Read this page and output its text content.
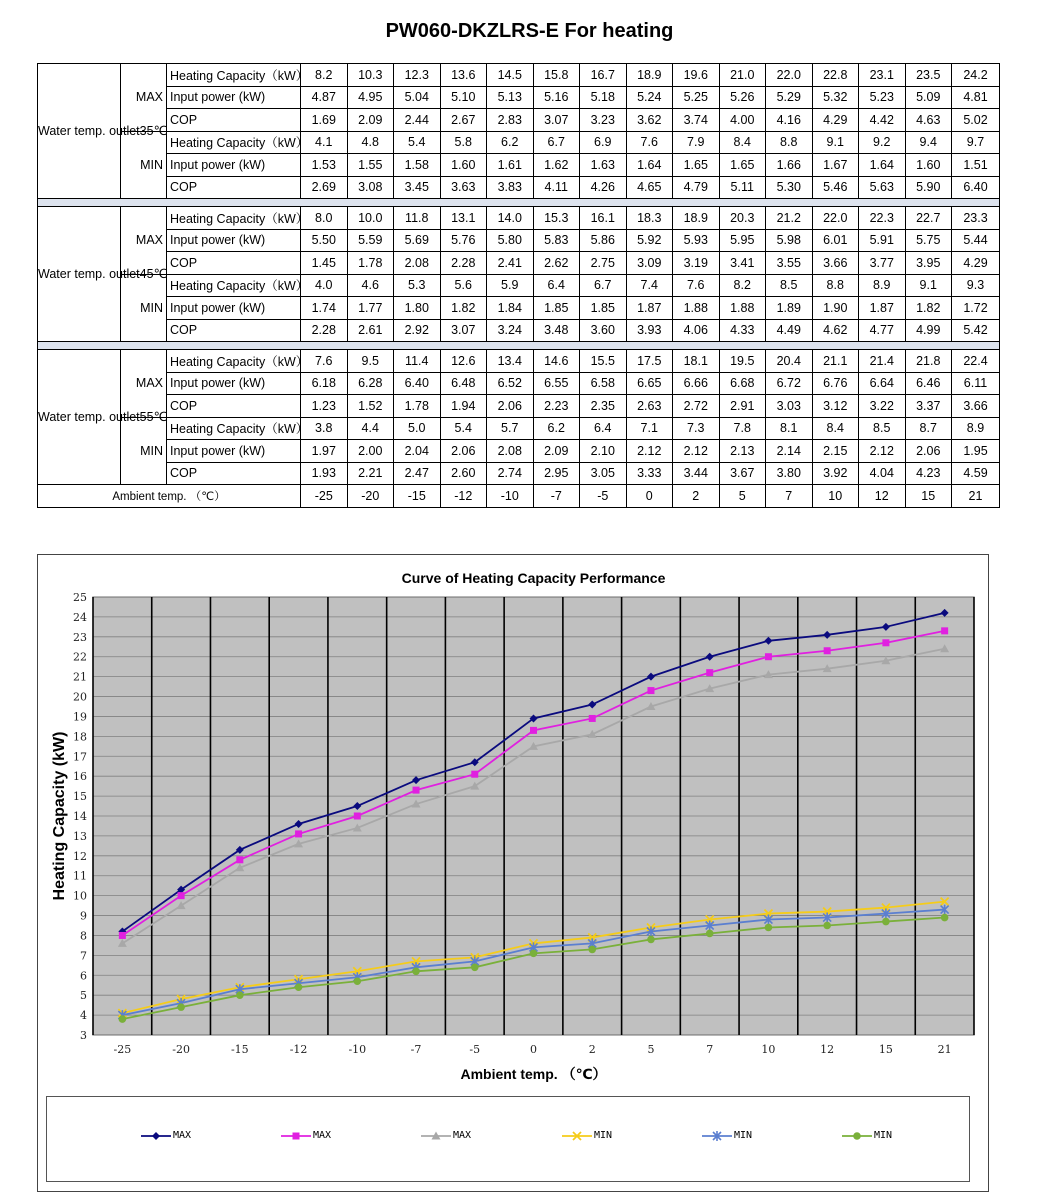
PW060-DKZLRS-E For heating
Water temp. outlet35℃	MAX	Heating Capacity（kW）	8.2	10.3	12.3	13.6	14.5	15.8	16.7	18.9	19.6	21.0	22.0	22.8	23.1	23.5	24.2
		Input power (kW)	4.87	4.95	5.04	5.10	5.13	5.16	5.18	5.24	5.25	5.26	5.29	5.32	5.23	5.09	4.81
		COP	1.69	2.09	2.44	2.67	2.83	3.07	3.23	3.62	3.74	4.00	4.16	4.29	4.42	4.63	5.02
	MIN	Heating Capacity（kW）	4.1	4.8	5.4	5.8	6.2	6.7	6.9	7.6	7.9	8.4	8.8	9.1	9.2	9.4	9.7
		Input power (kW)	1.53	1.55	1.58	1.60	1.61	1.62	1.63	1.64	1.65	1.65	1.66	1.67	1.64	1.60	1.51
		COP	2.69	3.08	3.45	3.63	3.83	4.11	4.26	4.65	4.79	5.11	5.30	5.46	5.63	5.90	6.40

Water temp. outlet45℃	MAX	Heating Capacity（kW）	8.0	10.0	11.8	13.1	14.0	15.3	16.1	18.3	18.9	20.3	21.2	22.0	22.3	22.7	23.3
		Input power (kW)	5.50	5.59	5.69	5.76	5.80	5.83	5.86	5.92	5.93	5.95	5.98	6.01	5.91	5.75	5.44
		COP	1.45	1.78	2.08	2.28	2.41	2.62	2.75	3.09	3.19	3.41	3.55	3.66	3.77	3.95	4.29
	MIN	Heating Capacity（kW）	4.0	4.6	5.3	5.6	5.9	6.4	6.7	7.4	7.6	8.2	8.5	8.8	8.9	9.1	9.3
		Input power (kW)	1.74	1.77	1.80	1.82	1.84	1.85	1.85	1.87	1.88	1.88	1.89	1.90	1.87	1.82	1.72
		COP	2.28	2.61	2.92	3.07	3.24	3.48	3.60	3.93	4.06	4.33	4.49	4.62	4.77	4.99	5.42

Water temp. outlet55℃	MAX	Heating Capacity（kW）	7.6	9.5	11.4	12.6	13.4	14.6	15.5	17.5	18.1	19.5	20.4	21.1	21.4	21.8	22.4
		Input power (kW)	6.18	6.28	6.40	6.48	6.52	6.55	6.58	6.65	6.66	6.68	6.72	6.76	6.64	6.46	6.11
		COP	1.23	1.52	1.78	1.94	2.06	2.23	2.35	2.63	2.72	2.91	3.03	3.12	3.22	3.37	3.66
	MIN	Heating Capacity（kW）	3.8	4.4	5.0	5.4	5.7	6.2	6.4	7.1	7.3	7.8	8.1	8.4	8.5	8.7	8.9
		Input power (kW)	1.97	2.00	2.04	2.06	2.08	2.09	2.10	2.12	2.12	2.13	2.14	2.15	2.12	2.06	1.95
		COP	1.93	2.21	2.47	2.60	2.74	2.95	3.05	3.33	3.44	3.67	3.80	3.92	4.04	4.23	4.59
Ambient temp. （℃）			-25	-20	-15	-12	-10	-7	-5	0	2	5	7	10	12	15	21
3
4
5
6
7
8
9
10
11
12
13
14
15
16
17
18
19
20
21
22
23
24
25
-25	-20	-15	-12	-10	-7	-5	0	2	5	7	10	12	15	21
Curve of Heating Capacity Performance
Ambient temp. （℃）
Heating Capacity (kW)
MAX	MAX	MAX	MIN	MIN	MIN
